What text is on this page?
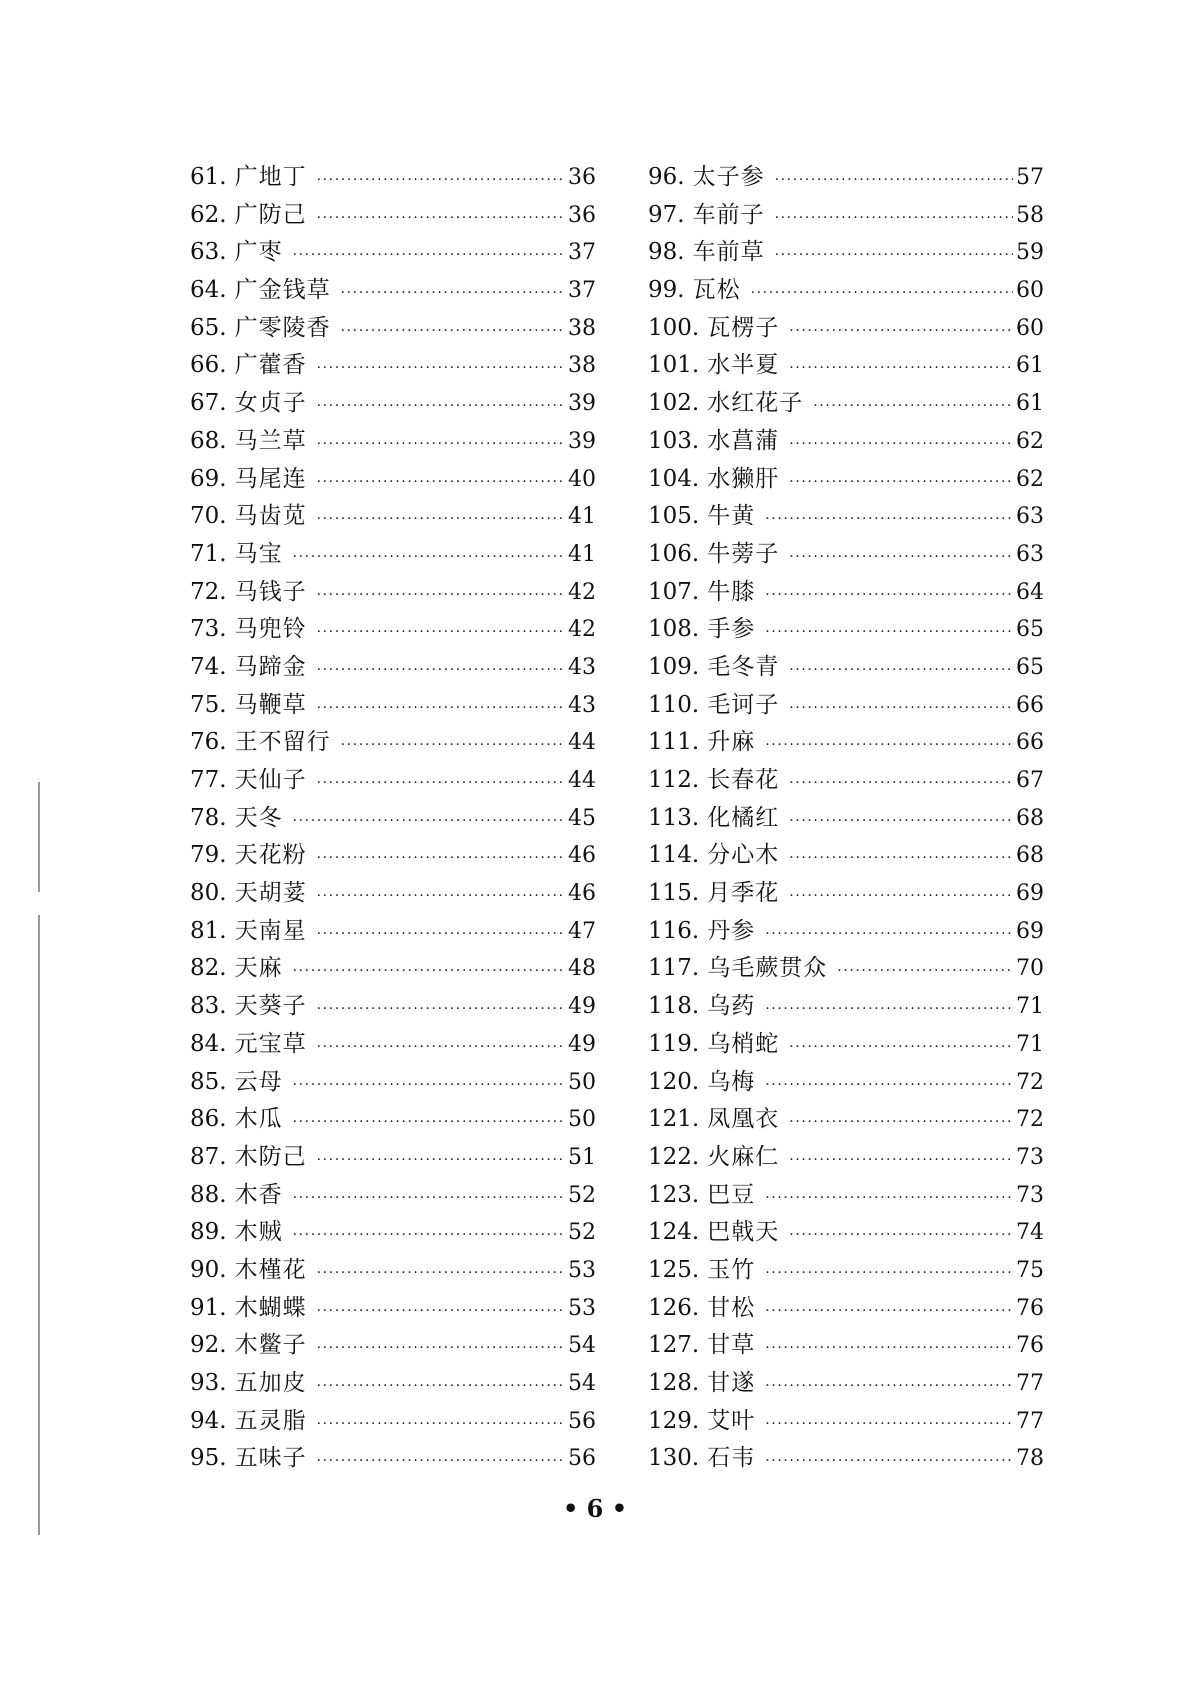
61. 广地丁 ·····	36
62. 广防己 ·····	36
63. 广枣 ·····	37
64. 广金钱草 ·····	37
65. 广零陵香 ·····	38
66. 广藿香 ·····	38
67. 女贞子 ·····	39
68. 马兰草 ·····	39
69. 马尾连 ·····	40
70. 马齿苋 ·····	41
71. 马宝 ·····	41
72. 马钱子 ·····	42
73. 马兜铃 ·····	42
74. 马蹄金 ·····	43
75. 马鞭草 ·····	43
76. 王不留行 ·····	44
77. 天仙子 ·····	44
78. 天冬 ·····	45
79. 天花粉 ·····	46
80. 天胡荽 ·····	46
81. 天南星 ·····	47
82. 天麻 ·····	48
83. 天葵子 ·····	49
84. 元宝草 ·····	49
85. 云母 ·····	50
86. 木瓜 ·····	50
87. 木防己 ·····	51
88. 木香 ·····	52
89. 木贼 ·····	52
90. 木槿花 ·····	53
91. 木蝴蝶 ·····	53
92. 木鳖子 ·····	54
93. 五加皮 ·····	54
94. 五灵脂 ·····	56
95. 五味子 ·····	56
96. 太子参 ·····	57
97. 车前子 ·····	58
98. 车前草 ·····	59
99. 瓦松 ·····	60
100. 瓦楞子 ·····	60
101. 水半夏 ·····	61
102. 水红花子 ·····	61
103. 水菖蒲 ·····	62
104. 水獭肝 ·····	62
105. 牛黄 ·····	63
106. 牛蒡子 ·····	63
107. 牛膝 ·····	64
108. 手参 ·····	65
109. 毛冬青 ·····	65
110. 毛诃子 ·····	66
111. 升麻 ·····	66
112. 长春花 ·····	67
113. 化橘红 ·····	68
114. 分心木 ·····	68
115. 月季花 ·····	69
116. 丹参 ·····	69
117. 乌毛蕨贯众 ·····	70
118. 乌药 ·····	71
119. 乌梢蛇 ·····	71
120. 乌梅 ·····	72
121. 凤凰衣 ·····	72
122. 火麻仁 ·····	73
123. 巴豆 ·····	73
124. 巴戟天 ·····	74
125. 玉竹 ·····	75
126. 甘松 ·····	76
127. 甘草 ·····	76
128. 甘遂 ·····	77
129. 艾叶 ·····	77
130. 石韦 ·····	78
• 6 •
